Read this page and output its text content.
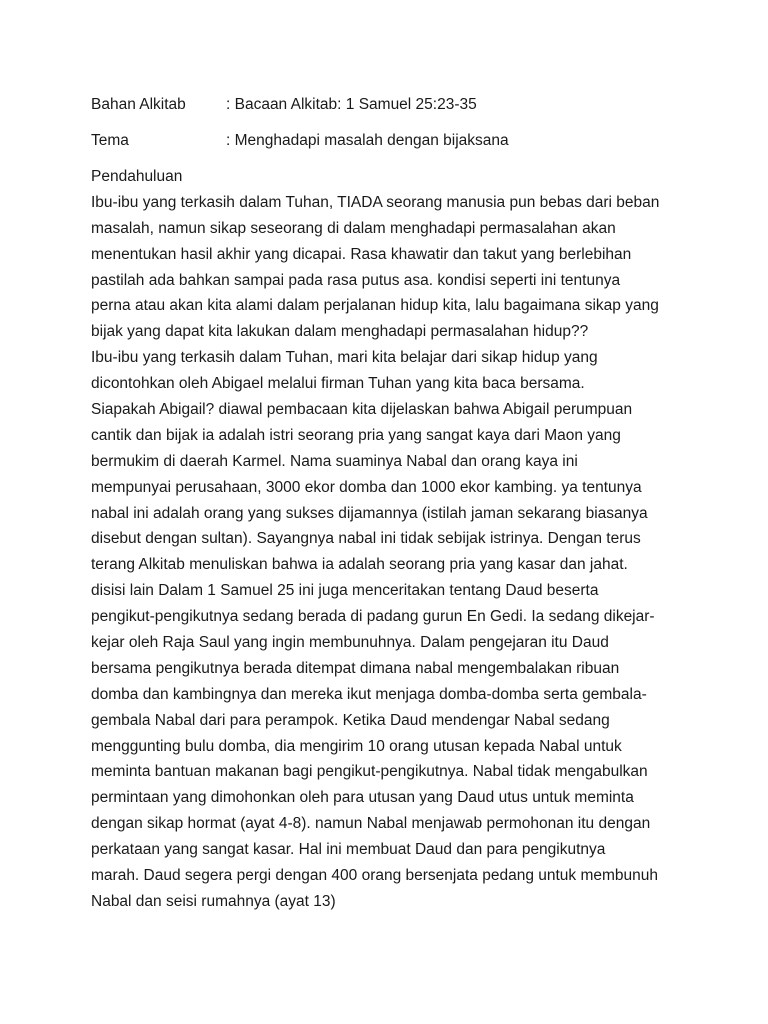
Bahan Alkitab	: Bacaan Alkitab: 1 Samuel 25:23-35
Tema	: Menghadapi masalah dengan bijaksana
Pendahuluan
Ibu-ibu yang terkasih dalam Tuhan, TIADA seorang manusia pun bebas dari beban
masalah, namun sikap seseorang di dalam menghadapi permasalahan akan
menentukan hasil akhir yang dicapai. Rasa khawatir dan takut yang berlebihan
pastilah ada bahkan sampai pada rasa putus asa. kondisi seperti ini tentunya
perna atau akan kita alami dalam perjalanan hidup kita, lalu bagaimana sikap yang
bijak yang dapat kita lakukan dalam menghadapi permasalahan hidup??
Ibu-ibu yang terkasih dalam Tuhan, mari kita belajar dari sikap hidup yang
dicontohkan oleh Abigael melalui firman Tuhan yang kita baca bersama.
Siapakah Abigail? diawal pembacaan kita dijelaskan bahwa Abigail perumpuan
cantik dan bijak ia adalah istri seorang pria yang sangat kaya dari Maon yang
bermukim di daerah Karmel. Nama suaminya Nabal dan orang kaya ini
mempunyai perusahaan, 3000 ekor domba dan 1000 ekor kambing. ya tentunya
nabal ini adalah orang yang sukses dijamannya (istilah jaman sekarang biasanya
disebut dengan sultan). Sayangnya nabal ini tidak sebijak istrinya. Dengan terus
terang Alkitab menuliskan bahwa ia adalah seorang pria yang kasar dan jahat.
disisi lain Dalam 1 Samuel 25 ini juga menceritakan tentang Daud beserta
pengikut-pengikutnya sedang berada di padang gurun En Gedi. Ia sedang dikejar-
kejar oleh Raja Saul yang ingin membunuhnya. Dalam pengejaran itu Daud
bersama pengikutnya berada ditempat dimana nabal mengembalakan ribuan
domba dan kambingnya dan mereka ikut menjaga domba-domba serta gembala-
gembala Nabal dari para perampok. Ketika Daud mendengar Nabal sedang
menggunting bulu domba, dia mengirim 10 orang utusan kepada Nabal untuk
meminta bantuan makanan bagi pengikut-pengikutnya. Nabal tidak mengabulkan
permintaan yang dimohonkan oleh para utusan yang Daud utus untuk meminta
dengan sikap hormat (ayat 4-8). namun Nabal menjawab permohonan itu dengan
perkataan yang sangat kasar. Hal ini membuat Daud dan para pengikutnya
marah. Daud segera pergi dengan 400 orang bersenjata pedang untuk membunuh
Nabal dan seisi rumahnya (ayat 13)
